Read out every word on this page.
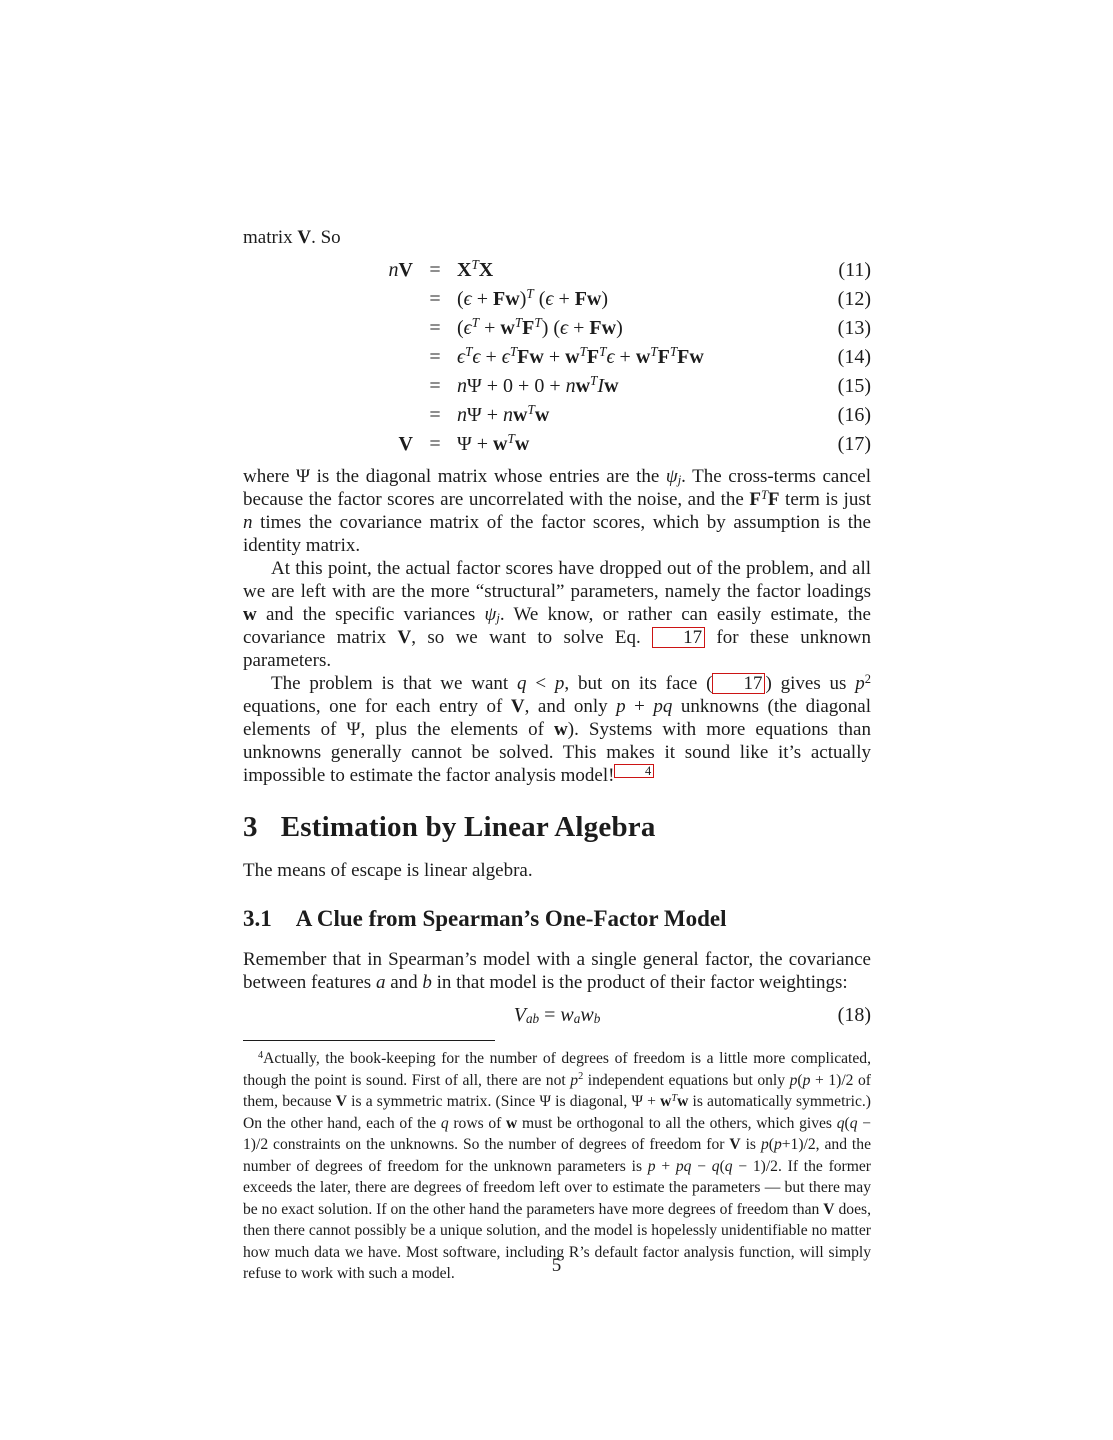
matrix V. So

nV = $X^TX$	(11)
= $(\epsilon + Fw)^T$ (ϵ + Fw)	(12)
= $(\epsilon^T + w^TF^T) (\epsilon + Fw)$	(13)
= $\epsilon^T\epsilon + \epsilon^TFw + w^TF^T\epsilon + w^TF^TFw$	(14)
= $n\Psi + 0 + 0 + nw^TIw$	(15)
= $n\Psi + nw^Tw$	(16)
$V = \Psi + w^Tw$	(17)

where Ψ is the diagonal matrix whose entries are the $\psi_j$. The cross-terms cancel because the factor scores are uncorrelated with the noise, and the $F^TF$ term is just n times the covariance matrix of the factor scores, which by assumption is the identity matrix.

At this point, the actual factor scores have dropped out of the problem, and all we are left with are the more “structural” parameters, namely the factor loadings w and the specific variances $\psi_j$. We know, or rather can easily estimate, the covariance matrix V, so we want to solve Eq. 17 for these unknown parameters.

The problem is that we want q < p, but on its face ( 17 ) gives us $p^2$ equations, one for each entry of V, and only p + pq unknowns (the diagonal elements of Ψ, plus the elements of w). Systems with more equations than unknowns generally cannot be solved. This makes it sound like it’s actually impossible to estimate the factor analysis model! $^4$

3 Estimation by Linear Algebra

The means of escape is linear algebra.

3.1 A Clue from Spearman’s One-Factor Model

Remember that in Spearman’s model with a single general factor, the covariance between features a and b in that model is the product of their factor weightings:

$V_{ab} = w_aw_b$	(18)

$^4$Actually, the book-keeping for the number of degrees of freedom is a little more complicated, though the point is sound. First of all, there are not $p^2$ independent equations but only p(p + 1)/2 of them, because V is a symmetric matrix. (Since Ψ is diagonal, $\Psi + w^Tw$ is automatically symmetric.) On the other hand, each of the q rows of w must be orthogonal to all the others, which gives q(q − 1)/2 constraints on the unknowns. So the number of degrees of freedom for V is p(p+1)/2, and the number of degrees of freedom for the unknown parameters is p + pq − q(q − 1)/2. If the former exceeds the later, there are degrees of freedom left over to estimate the parameters — but there may be no exact solution. If on the other hand the parameters have more degrees of freedom than V does, then there cannot possibly be a unique solution, and the model is hopelessly unidentifiable no matter how much data we have. Most software, including R’s default factor analysis function, will simply refuse to work with such a model.	5
